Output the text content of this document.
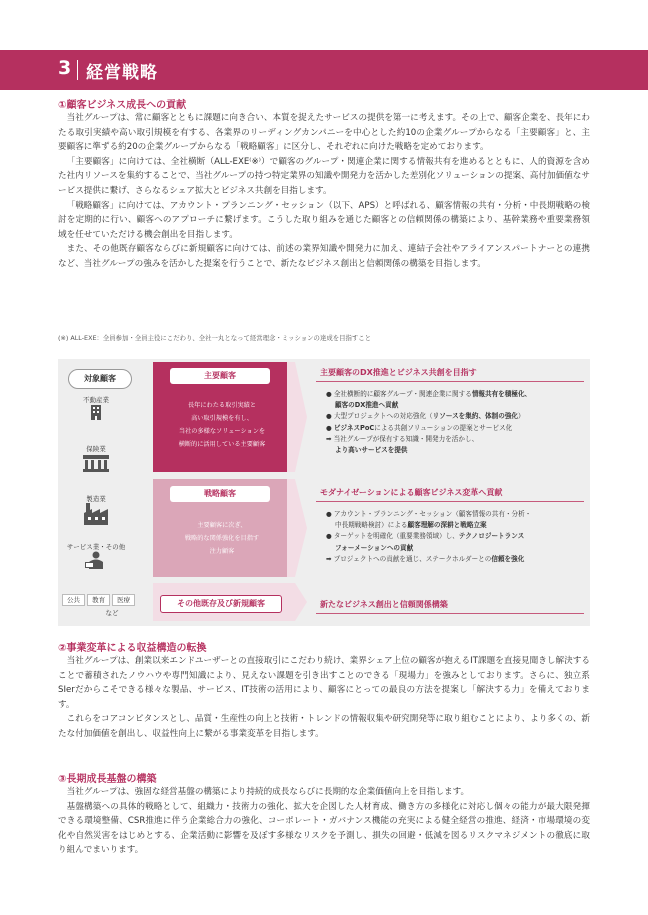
3 経営戦略
①顧客ビジネス成長への貢献

当社グループは、常に顧客とともに課題に向き合い、本質を捉えたサービスの提供を第一に考えます。その上で、顧客企業を、長年にわたる取引実績や高い取引規模を有する、各業界のリーディングカンパニーを中心とした約10の企業グループからなる「主要顧客」と、主要顧客に準ずる約20の企業グループからなる「戦略顧客」に区分し、それぞれに向けた戦略を定めております。

「主要顧客」に向けては、全社横断（ALL-EXE⁽※⁾）で顧客のグループ・関連企業に関する情報共有を進めるとともに、人的資源を含めた社内リソースを集約することで、当社グループの持つ特定業界の知識や開発力を活かした差別化ソリューションの提案、高付加価値なサービス提供に繋げ、さらなるシェア拡大とビジネス共創を目指します。

「戦略顧客」に向けては、アカウント・プランニング・セッション（以下、APS）と呼ばれる、顧客情報の共有・分析・中長期戦略の検討を定期的に行い、顧客へのアプローチに繋げます。こうした取り組みを通じた顧客との信頼関係の構築により、基幹業務や重要業務領域を任せていただける機会創出を目指します。

また、その他既存顧客ならびに新規顧客に向けては、前述の業界知識や開発力に加え、連結子会社やアライアンスパートナーとの連携など、当社グループの強みを活かした提案を行うことで、新たなビジネス創出と信頼関係の構築を目指します。

(※) ALL-EXE：全員参加・全員主役にこだわり、全社一丸となって経営理念・ミッションの達成を目指すこと
対象顧客
不動産業
保険業
製造業
サービス業・その他
公共 教育 医療
など
主要顧客
長年にわたる取引実績と
高い取引規模を有し、
当社の多様なソリューションを
横断的に活用している主要顧客
戦略顧客
主要顧客に次ぎ、
戦略的な関係強化を目指す
注力顧客
その他既存及び新規顧客
主要顧客のDX推進とビジネス共創を目指す
● 全社横断的に顧客グループ・関連企業に関する情報共有を積極化、
顧客のDX推進へ貢献
● 大型プロジェクトへの対応強化（リソースを集約、体制の強化）
● ビジネスPoCによる共創ソリューションの提案とサービス化
➡ 当社グループが保有する知識・開発力を活かし、
より高いサービスを提供
モダナイゼーションによる顧客ビジネス変革へ貢献
● アカウント・プランニング・セッション（顧客情報の共有・分析・
中長期戦略検討）による顧客理解の深耕と戦略立案
● ターゲットを明確化（重要業務領域）し、テクノロジートランス
フォーメーションへの貢献
➡ プロジェクトへの貢献を通じ、ステークホルダーとの信頼を強化
新たなビジネス創出と信頼関係構築
②事業変革による収益構造の転換

当社グループは、創業以来エンドユーザーとの直接取引にこだわり続け、業界シェア上位の顧客が抱えるIT課題を直接見聞きし解決することで蓄積されたノウハウや専門知識により、見えない課題を引き出すことのできる「現場力」を強みとしております。さらに、独立系SIerだからこそできる様々な製品、サービス、IT技術の活用により、顧客にとっての最良の方法を提案し「解決する力」を備えております。

これらをコアコンピタンスとし、品質・生産性の向上と技術・トレンドの情報収集や研究開発等に取り組むことにより、より多くの、新たな付加価値を創出し、収益性向上に繋がる事業変革を目指します。

③長期成長基盤の構築

当社グループは、強固な経営基盤の構築により持続的成長ならびに長期的な企業価値向上を目指します。

基盤構築への具体的戦略として、組織力・技術力の強化、拡大を企図した人材育成、働き方の多様化に対応し個々の能力が最大限発揮できる環境整備、CSR推進に伴う企業総合力の強化、コーポレート・ガバナンス機能の充実による健全経営の推進、経済・市場環境の変化や自然災害をはじめとする、企業活動に影響を及ぼす多様なリスクを予測し、損失の回避・低減を図るリスクマネジメントの徹底に取り組んでまいります。
